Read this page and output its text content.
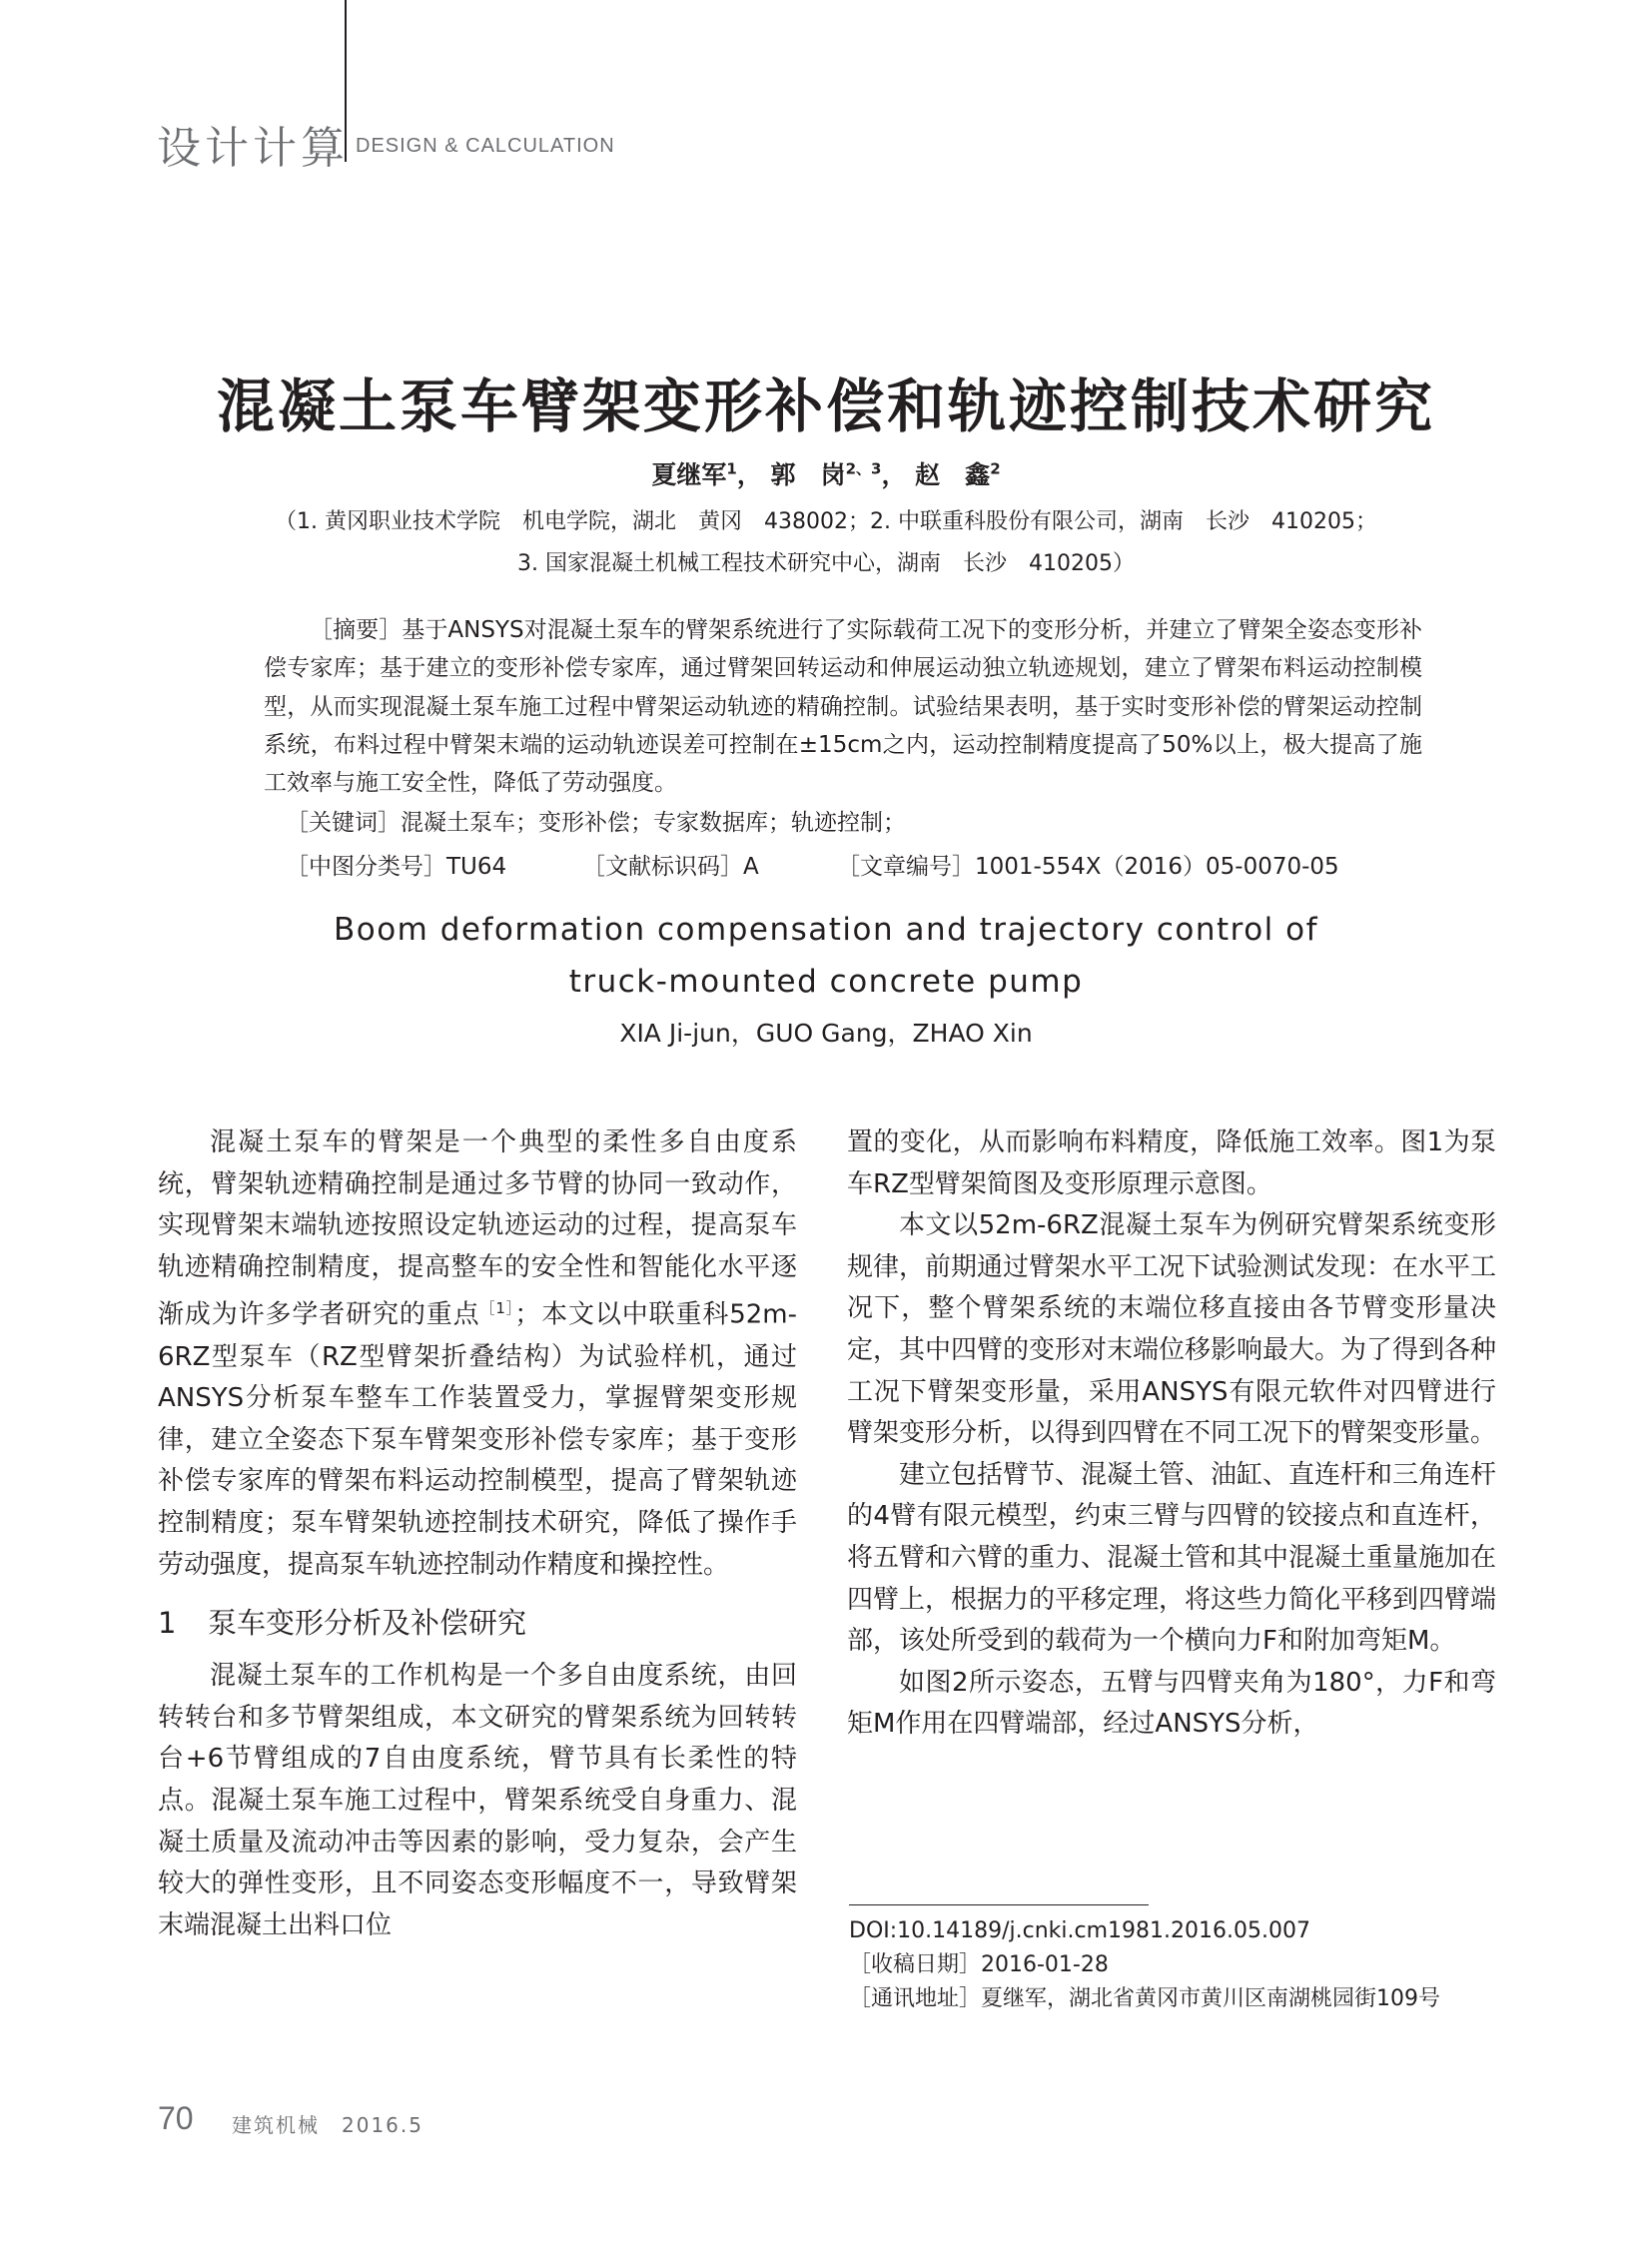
设计计算 DESIGN & CALCULATION
混凝土泵车臂架变形补偿和轨迹控制技术研究
夏继军$^1$， 郭　岗$^{2、3}$， 赵　鑫$^2$
（1. 黄冈职业技术学院　机电学院，湖北　黄冈　438002；2. 中联重科股份有限公司，湖南　长沙　410205；
3. 国家混凝土机械工程技术研究中心，湖南　长沙　410205）
［摘要］基于ANSYS对混凝土泵车的臂架系统进行了实际载荷工况下的变形分析，并建立了臂架全姿态变形补偿专家库；基于建立的变形补偿专家库，通过臂架回转运动和伸展运动独立轨迹规划，建立了臂架布料运动控制模型，从而实现混凝土泵车施工过程中臂架运动轨迹的精确控制。试验结果表明，基于实时变形补偿的臂架运动控制系统，布料过程中臂架末端的运动轨迹误差可控制在±15cm之内，运动控制精度提高了50%以上，极大提高了施工效率与施工安全性，降低了劳动强度。
［关键词］混凝土泵车；变形补偿；专家数据库；轨迹控制；
［中图分类号］TU64	［文献标识码］A	［文章编号］1001-554X（2016）05-0070-05
Boom deformation compensation and trajectory control of
truck-mounted concrete pump
XIA Ji-jun，GUO Gang，ZHAO Xin

混凝土泵车的臂架是一个典型的柔性多自由度系统，臂架轨迹精确控制是通过多节臂的协同一致动作，实现臂架末端轨迹按照设定轨迹运动的过程，提高泵车轨迹精确控制精度，提高整车的安全性和智能化水平逐渐成为许多学者研究的重点$^{[1]}$；本文以中联重科52m-6RZ型泵车（RZ型臂架折叠结构）为试验样机，通过ANSYS分析泵车整车工作装置受力，掌握臂架变形规律，建立全姿态下泵车臂架变形补偿专家库；基于变形补偿专家库的臂架布料运动控制模型，提高了臂架轨迹控制精度；泵车臂架轨迹控制技术研究，降低了操作手劳动强度，提高泵车轨迹控制动作精度和操控性。

1 泵车变形分析及补偿研究

混凝土泵车的工作机构是一个多自由度系统，由回转转台和多节臂架组成，本文研究的臂架系统为回转转台+6节臂组成的7自由度系统，臂节具有长柔性的特点。混凝土泵车施工过程中，臂架系统受自身重力、混凝土质量及流动冲击等因素的影响，受力复杂，会产生较大的弹性变形，且不同姿态变形幅度不一，导致臂架末端混凝土出料口位

置的变化，从而影响布料精度，降低施工效率。图1为泵车RZ型臂架简图及变形原理示意图。

本文以52m-6RZ混凝土泵车为例研究臂架系统变形规律，前期通过臂架水平工况下试验测试发现：在水平工况下，整个臂架系统的末端位移直接由各节臂变形量决定，其中四臂的变形对末端位移影响最大。为了得到各种工况下臂架变形量，采用ANSYS有限元软件对四臂进行臂架变形分析，以得到四臂在不同工况下的臂架变形量。

建立包括臂节、混凝土管、油缸、直连杆和三角连杆的4臂有限元模型，约束三臂与四臂的铰接点和直连杆，将五臂和六臂的重力、混凝土管和其中混凝土重量施加在四臂上，根据力的平移定理，将这些力简化平移到四臂端部，该处所受到的载荷为一个横向力F和附加弯矩M。

如图2所示姿态，五臂与四臂夹角为180°，力F和弯矩M作用在四臂端部，经过ANSYS分析，

DOI:10.14189/j.cnki.cm1981.2016.05.007
［收稿日期］2016-01-28
［通讯地址］夏继军，湖北省黄冈市黄川区南湖桃园街109号
70 建筑机械　2016.5
